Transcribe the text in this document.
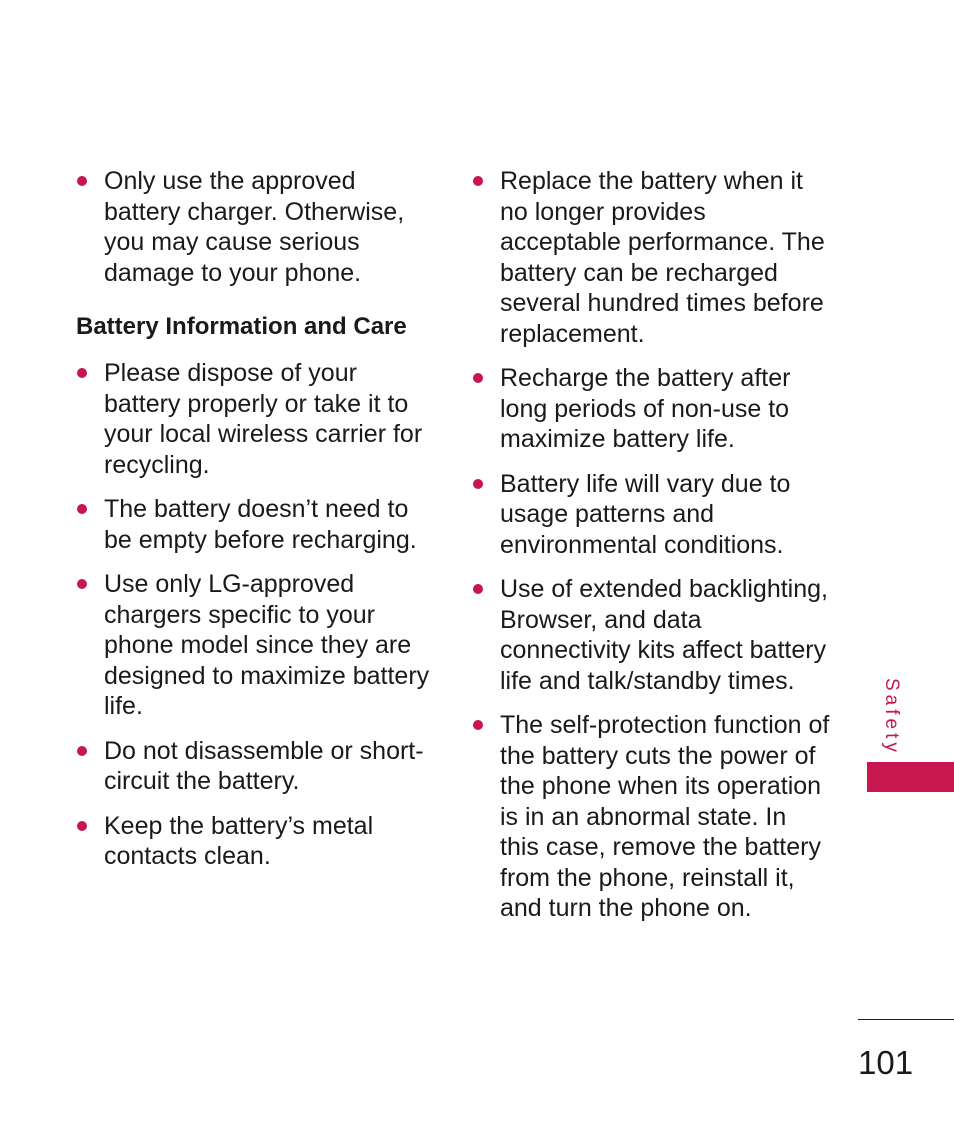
Only use the approved battery charger. Otherwise, you may cause serious damage to your phone.
Battery Information and Care
Please dispose of your battery properly or take it to your local wireless carrier for recycling.
The battery doesn’t need to be empty before recharging.
Use only LG-approved chargers specific to your phone model since they are designed to maximize battery life.
Do not disassemble or short-circuit the battery.
Keep the battery’s metal contacts clean.
Replace the battery when it no longer provides acceptable performance. The battery can be recharged several hundred times before replacement.
Recharge the battery after long periods of non-use to maximize battery life.
Battery life will vary due to usage patterns and environmental conditions.
Use of extended backlighting, Browser, and data connectivity kits affect battery life and talk/standby times.
The self-protection function of the battery cuts the power of the phone when its operation is in an abnormal state. In this case, remove the battery from the phone, reinstall it, and turn the phone on.
Safety
101
